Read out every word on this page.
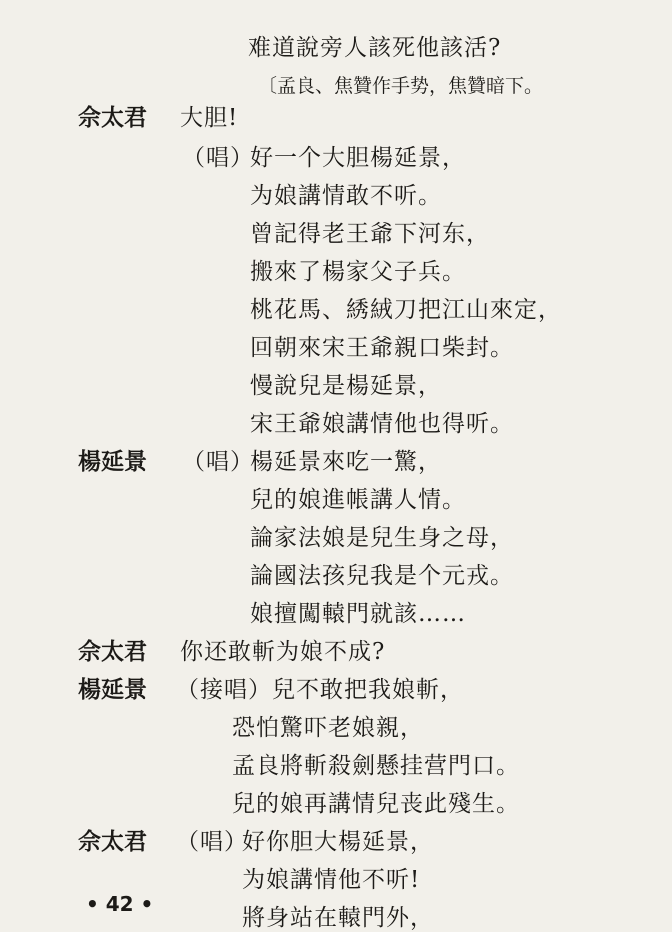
难道說旁人該死他該活?
〔孟良、焦贊作手势，焦贊暗下。
佘太君 大胆!
（唱）
好一个大胆楊延景，
为娘講情敢不听。
曾記得老王爺下河东，
搬來了楊家父子兵。
桃花馬、綉絨刀把江山來定，
回朝來宋王爺親口柴封。
慢說兒是楊延景，
宋王爺娘講情他也得听。
楊延景 （唱）
楊延景來吃一驚，
兒的娘進帳講人情。
論家法娘是兒生身之母，
論國法孩兒我是个元戎。
娘擅闖轅門就該……
佘太君 你还敢斬为娘不成?
楊延景 （接唱）兒不敢把我娘斬，
恐怕驚吓老娘親，
孟良將斬殺劍懸挂营門口。
兒的娘再講情兒丧此殘生。
佘太君 （唱）
好你胆大楊延景，
为娘講情他不听!
將身站在轅門外，
• 42 •
